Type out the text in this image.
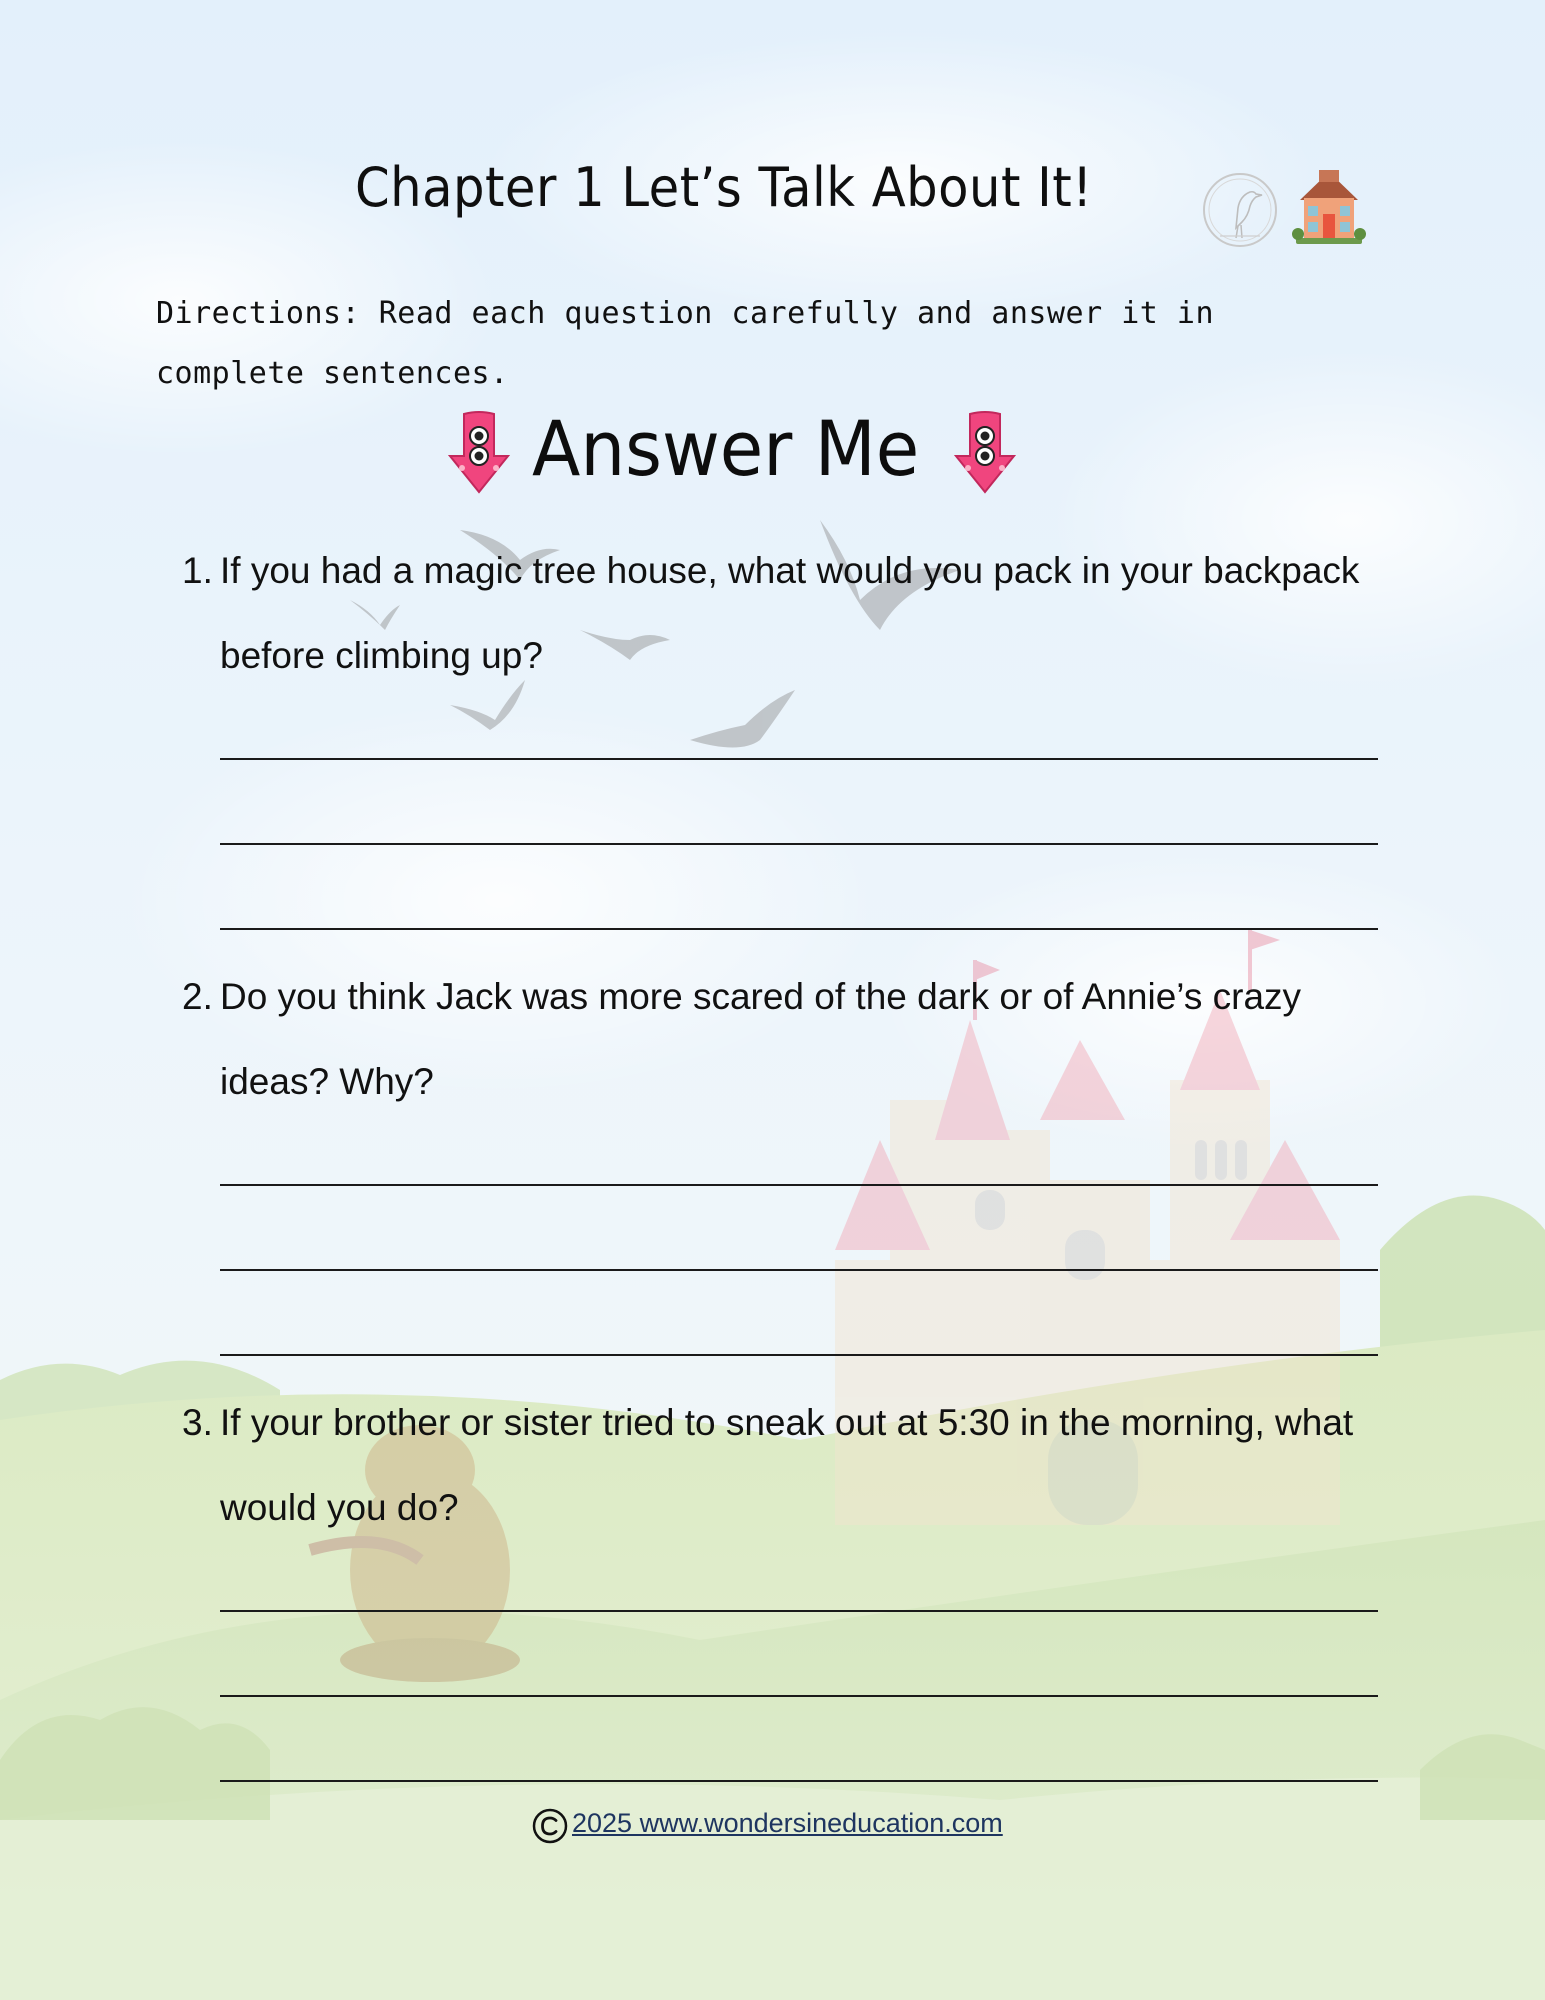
Chapter 1 Let’s Talk About It!
Directions: Read each question carefully and answer it in complete sentences.
Answer Me
1. If you had a magic tree house, what would you pack in your backpack before climbing up?
2. Do you think Jack was more scared of the dark or of Annie’s crazy ideas? Why?
3. If your brother or sister tried to sneak out at 5:30 in the morning, what would you do?
2025 www.wondersineducation.com
